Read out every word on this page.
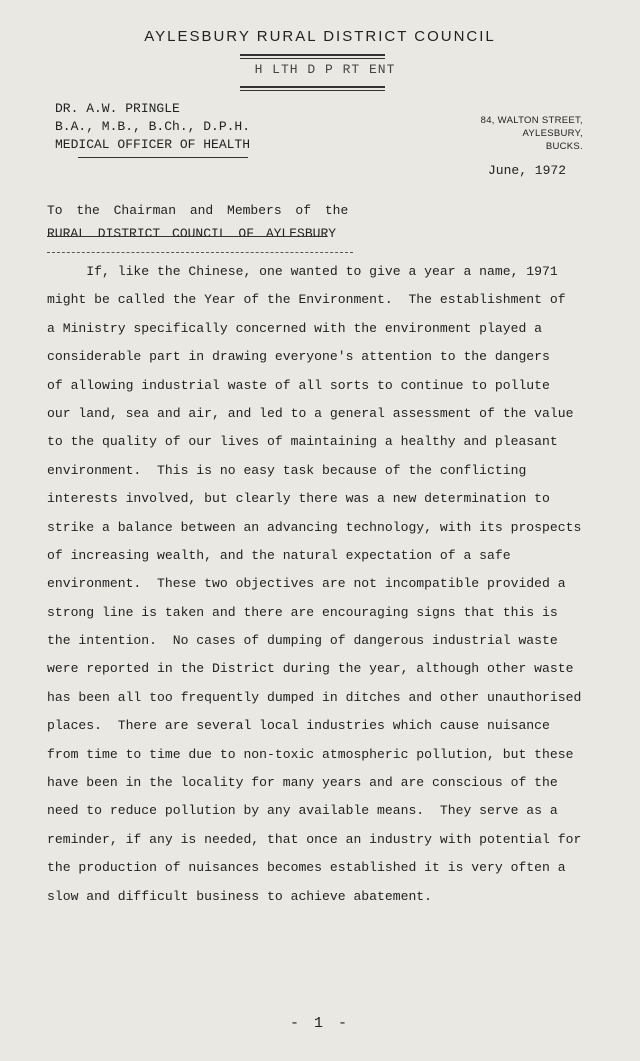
AYLESBURY RURAL DISTRICT COUNCIL
H LTH D P RT ENT
DR. A.W. PRINGLE
B.A., M.B., B.Ch., D.P.H.
MEDICAL OFFICER OF HEALTH
84, WALTON STREET,
AYLESBURY,
BUCKS.
June, 1972
To the Chairman and Members of the
RURAL DISTRICT COUNCIL OF AYLESBURY
If, like the Chinese, one wanted to give a year a name, 1971
might be called the Year of the Environment.  The establishment of
a Ministry specifically concerned with the environment played a
considerable part in drawing everyone's attention to the dangers
of allowing industrial waste of all sorts to continue to pollute
our land, sea and air, and led to a general assessment of the value
to the quality of our lives of maintaining a healthy and pleasant
environment.  This is no easy task because of the conflicting
interests involved, but clearly there was a new determination to
strike a balance between an advancing technology, with its prospects
of increasing wealth, and the natural expectation of a safe
environment.  These two objectives are not incompatible provided a
strong line is taken and there are encouraging signs that this is
the intention.  No cases of dumping of dangerous industrial waste
were reported in the District during the year, although other waste
has been all too frequently dumped in ditches and other unauthorised
places.  There are several local industries which cause nuisance
from time to time due to non-toxic atmospheric pollution, but these
have been in the locality for many years and are conscious of the
need to reduce pollution by any available means.  They serve as a
reminder, if any is needed, that once an industry with potential for
the production of nuisances becomes established it is very often a
slow and difficult business to achieve abatement.
- 1 -
